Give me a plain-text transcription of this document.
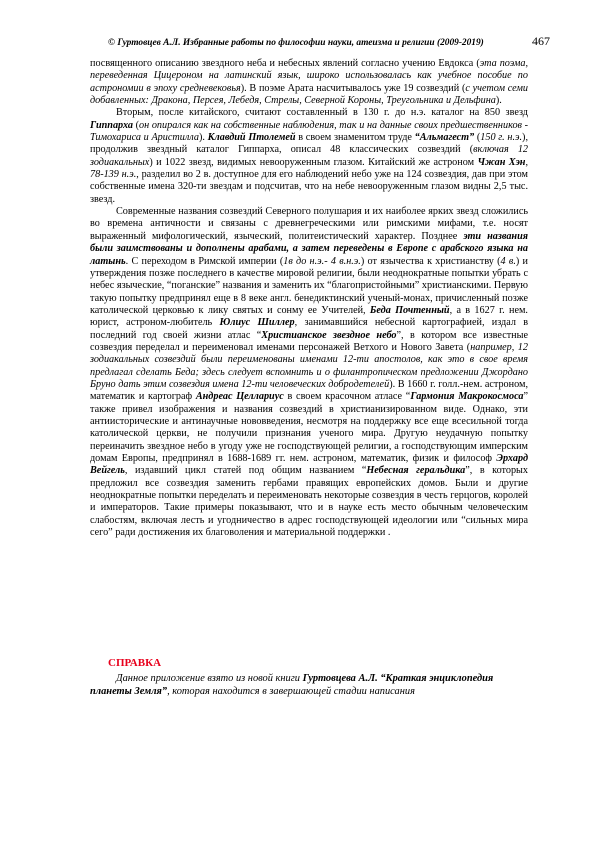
© Гуртовцев А.Л. Избранные работы по философии науки, атеизма и религии (2009-2019)	467

посвященного описанию звездного неба и небесных явлений согласно учению Евдокса (эта поэма, переведенная Цицероном на латинский язык, широко использовалась как учебное пособие по астрономии в эпоху средневековья). В поэме Арата насчитывалось уже 19 созвездий (с учетом семи добавленных: Дракона, Персея, Лебедя, Стрелы, Северной Короны, Треугольника и Дельфина).

Вторым, после китайского, считают составленный в 130 г. до н.э. каталог на 850 звезд Гиппарха (он опирался как на собственные наблюдения, так и на данные своих предшественников - Тимохариса и Аристилла). Клавдий Птолемей в своем знаменитом труде “Альмагест” (150 г. н.э.), продолжив звездный каталог Гиппарха, описал 48 классических созвездий (включая 12 зодиакальных) и 1022 звезд, видимых невооруженным глазом. Китайский же астроном Чжан Хэн, 78-139 н.э., разделил во 2 в. доступное для его наблюдений небо уже на 124 созвездия, дав при этом собственные имена 320-ти звездам и подсчитав, что на небе невооруженным глазом видны 2,5 тыс. звезд.

Современные названия созвездий Северного полушария и их наиболее ярких звезд сложились во времена античности и связаны с древнегреческими или римскими мифами, т.е. носят выраженный мифологический, языческий, политеистический характер. Позднее эти названия были заимствованы и дополнены арабами, а затем переведены в Европе с арабского языка на латынь. С переходом в Римской империи (1в до н.э.- 4 в.н.э.) от язычества к христианству (4 в.) и утверждения позже последнего в качестве мировой религии, были неоднократные попытки убрать с небес языческие, “поганские” названия и заменить их “благопристойными” христианскими. Первую такую попытку предпринял еще в 8 веке англ. бенедиктинский ученый-монах, причисленный позже католической церковью к лику святых и сонму ее Учителей, Беда Почтенный, а в 1627 г. нем. юрист, астроном-любитель Юлиус Шиллер, занимавшийся небесной картографией, издал в последний год своей жизни атлас “Христианское звездное небо”, в котором все известные созвездия переделал и переименовал именами персонажей Ветхого и Нового Завета (например, 12 зодиакальных созвездий были переименованы именами 12-ти апостолов, как это в свое время предлагал сделать Беда; здесь следует вспомнить и о филантропическом предложении Джордано Бруно дать этим созвездия имена 12-ти человеческих добродетелей). В 1660 г. голл.-нем. астроном, математик и картограф Андреас Целлариус в своем красочном атласе “Гармония Макрокосмоса” также привел изображения и названия созвездий в христианизированном виде. Однако, эти антиисторические и антинаучные нововведения, несмотря на поддержку все еще всесильной тогда католической церкви, не получили признания ученого мира. Другую неудачную попытку переиначить звездное небо в угоду уже не господствующей религии, а господствующим имперским домам Европы, предпринял в 1688-1689 гг. нем. астроном, математик, физик и философ Эрхард Вейгель, издавший цикл статей под общим названием “Небесная геральдика”, в которых предложил все созвездия заменить гербами правящих европейских домов. Были и другие неоднократные попытки переделать и переименовать некоторые созвездия в честь герцогов, королей и императоров. Такие примеры показывают, что и в науке есть место обычным человеческим слабостям, включая лесть и угодничество в адрес господствующей идеологии или “сильных мира сего” ради достижения их благоволения и материальной поддержки .

СПРАВКА
Данное приложение взято из новой книги Гуртовцева А.Л. “Краткая энциклопедия планеты Земля”, которая находится в завершающей стадии написания
